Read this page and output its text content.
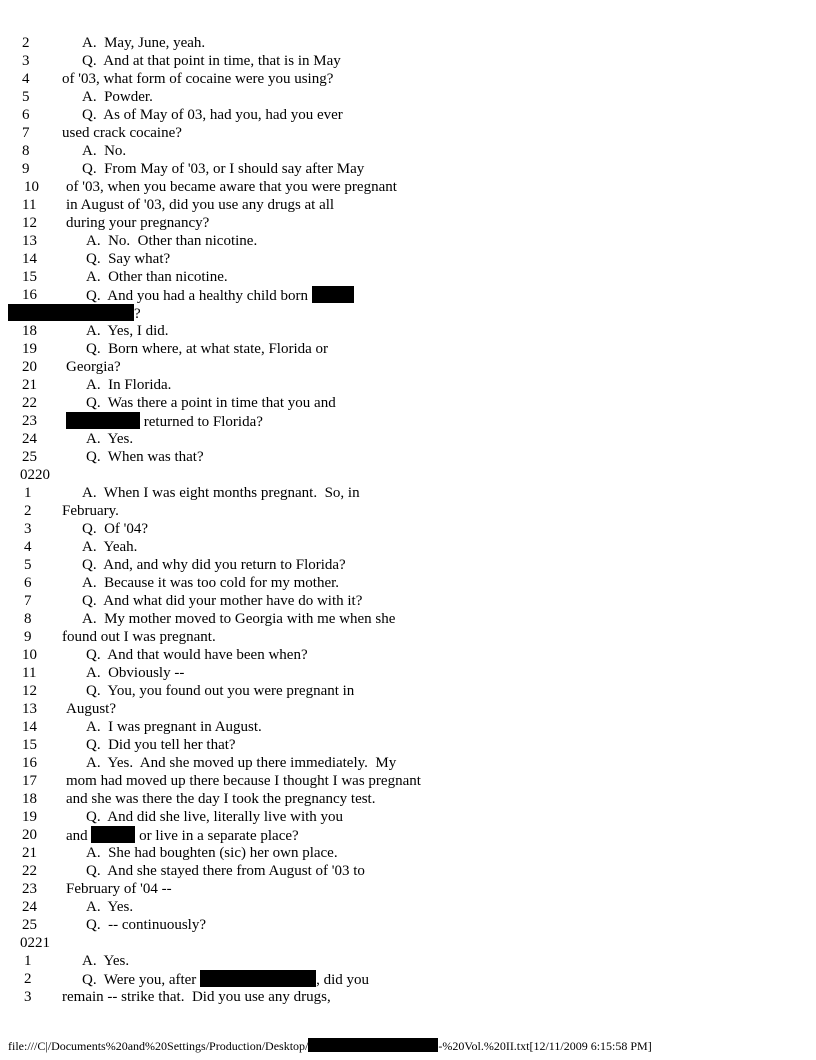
2

	A.  May, June, yeah.

3

	Q.  And at that point in time, that is in May

4

of '03, what form of cocaine were you using?

5

	A.  Powder.

6

	Q.  As of May of 03, had you, had you ever

7

used crack cocaine?

8

	A.  No.

9

	Q.  From May of '03, or I should say after May

10

of '03, when you became aware that you were pregnant

11

in August of '03, did you use any drugs at all

12

during your pregnancy?

13

	A.  No.  Other than nicotine.

14

	Q.  Say what?

15

	A.  Other than nicotine.

16

	Q.  And you had a healthy child born

?

18

	A.  Yes, I did.

19

	Q.  Born where, at what state, Florida or

20

Georgia?

21

	A.  In Florida.

22

	Q.  Was there a point in time that you and

23

	returned to Florida?

24

	A.  Yes.

25

	Q.  When was that?

0220

1

	A.  When I was eight months pregnant.  So, in

2

February.

3

	Q.  Of '04?

4

	A.  Yeah.

5

	Q.  And, and why did you return to Florida?

6

	A.  Because it was too cold for my mother.

7

	Q.  And what did your mother have do with it?

8

	A.  My mother moved to Georgia with me when she

9

found out I was pregnant.

10

	Q.  And that would have been when?

11

	A.  Obviously --

12

	Q.  You, you found out you were pregnant in

13

August?

14

	A.  I was pregnant in August.

15

	Q.  Did you tell her that?

16

	A.  Yes.  And she moved up there immediately.  My

17

mom had moved up there because I thought I was pregnant

18

and she was there the day I took the pregnancy test.

19

	Q.  And did she live, literally live with you

20

and	or live in a separate place?

21

	A.  She had boughten (sic) her own place.

22

	Q.  And she stayed there from August of '03 to

23

February of '04 --

24

	A.  Yes.

25

	Q.  -- continuously?

0221

1

	A.  Yes.

2

	Q.  Were you, after	, did you

3

remain -- strike that.  Did you use any drugs,

file:///C|/Documents%20and%20Settings/Production/Desktop/	-%20Vol.%20II.txt[12/11/2009 6:15:58 PM]
